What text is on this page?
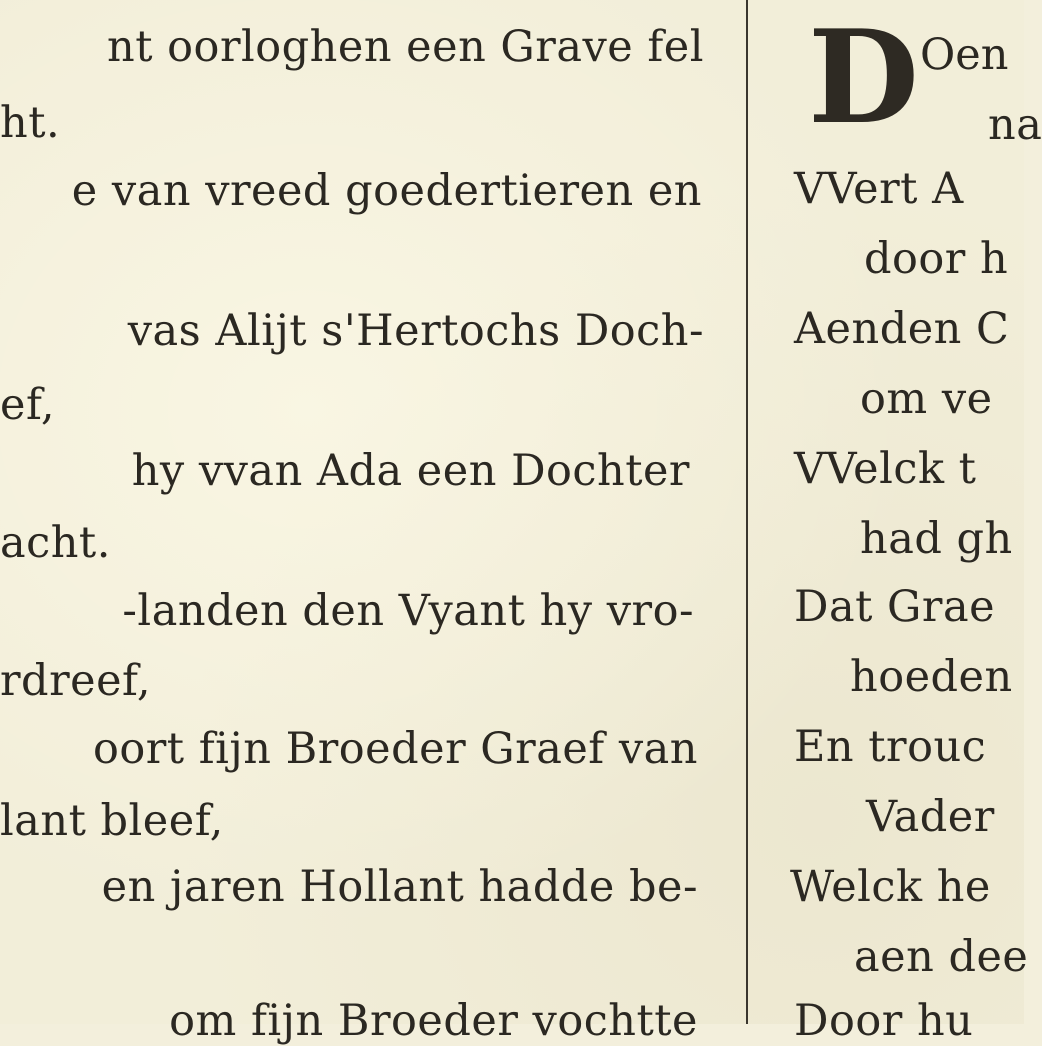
nt oorloghen een Grave fel
ht.
e van vreed goedertieren en
vas Alijt s'Hertochs Doch-
ef,
hy vvan Ada een Dochter
acht.
-landen den Vyant hy vro-
rdreef,
oort fijn Broeder Graef van
lant bleef,
en jaren Hollant hadde be-
om fijn Broeder vochtte
D Oen
na
VVert A
door h
Aenden C
om ve
VVelck t
had gh
Dat Grae
hoeden
En trouc
Vader
Welck he
aen dee
Door hu
